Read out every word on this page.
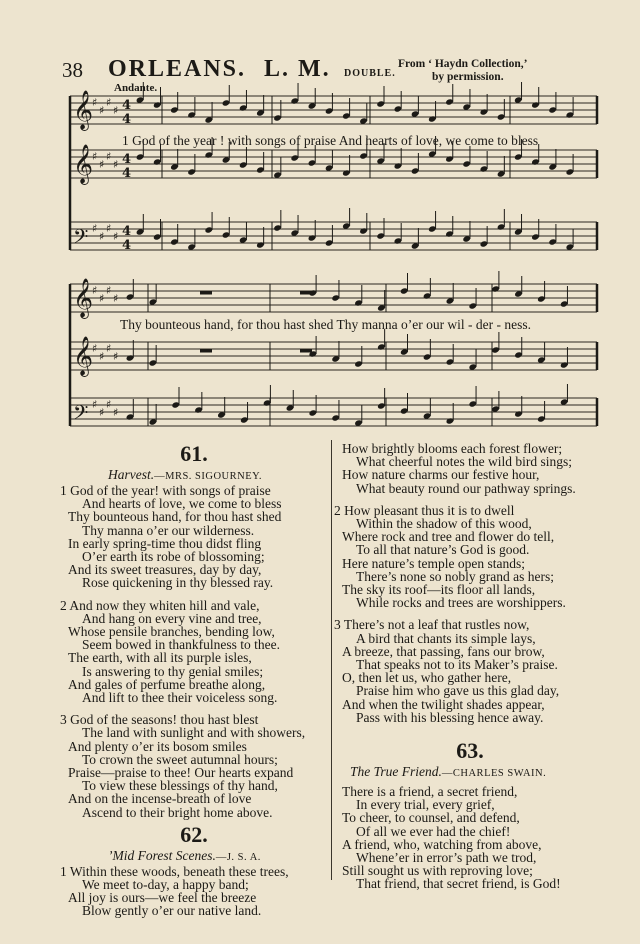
38 ORLEANS. L. M. DOUBLE.
From ‘ Haydn Collection,’
by permission.
Andante.
𝄞
♯
♯
♯
♯ 4
4
𝄞
♯
♯
♯
♯ 4
4
𝄢 ♯
♯
♯
♯ 4
4
𝄞
♯
♯
♯
♯
𝄞
♯
♯
♯
♯
𝄢 ♯
♯
♯
♯
1 God of the year ! with songs of praise And hearts of love, we come to bless
Thy bounteous hand, for thou hast shed Thy manna o’er our wil - der - ness.
61.
Harvest.—MRS. SIGOURNEY.
1 God of the year! with songs of praise
And hearts of love, we come to bless
Thy bounteous hand, for thou hast shed
Thy manna o’er our wilderness.
In early spring-time thou didst fling
O’er earth its robe of blossoming;
And its sweet treasures, day by day,
Rose quickening in thy blessed ray.
2 And now they whiten hill and vale,
And hang on every vine and tree,
Whose pensile branches, bending low,
Seem bowed in thankfulness to thee.
The earth, with all its purple isles,
Is answering to thy genial smiles;
And gales of perfume breathe along,
And lift to thee their voiceless song.
3 God of the seasons! thou hast blest
The land with sunlight and with showers,
And plenty o’er its bosom smiles
To crown the sweet autumnal hours;
Praise—praise to thee! Our hearts expand
To view these blessings of thy hand,
And on the incense-breath of love
Ascend to their bright home above.
62.
’Mid Forest Scenes.—J. S. A.
1 Within these woods, beneath these trees,
We meet to-day, a happy band;
All joy is ours—we feel the breeze
Blow gently o’er our native land.
How brightly blooms each forest flower;
What cheerful notes the wild bird sings;
How nature charms our festive hour,
What beauty round our pathway springs.
2 How pleasant thus it is to dwell
Within the shadow of this wood,
Where rock and tree and flower do tell,
To all that nature’s God is good.
Here nature’s temple open stands;
There’s none so nobly grand as hers;
The sky its roof—its floor all lands,
While rocks and trees are worshippers.
3 There’s not a leaf that rustles now,
A bird that chants its simple lays,
A breeze, that passing, fans our brow,
That speaks not to its Maker’s praise.
O, then let us, who gather here,
Praise him who gave us this glad day,
And when the twilight shades appear,
Pass with his blessing hence away.
63.
The True Friend.—CHARLES SWAIN.
There is a friend, a secret friend,
In every trial, every grief,
To cheer, to counsel, and defend,
Of all we ever had the chief!
A friend, who, watching from above,
Whene’er in error’s path we trod,
Still sought us with reproving love;
That friend, that secret friend, is God!
